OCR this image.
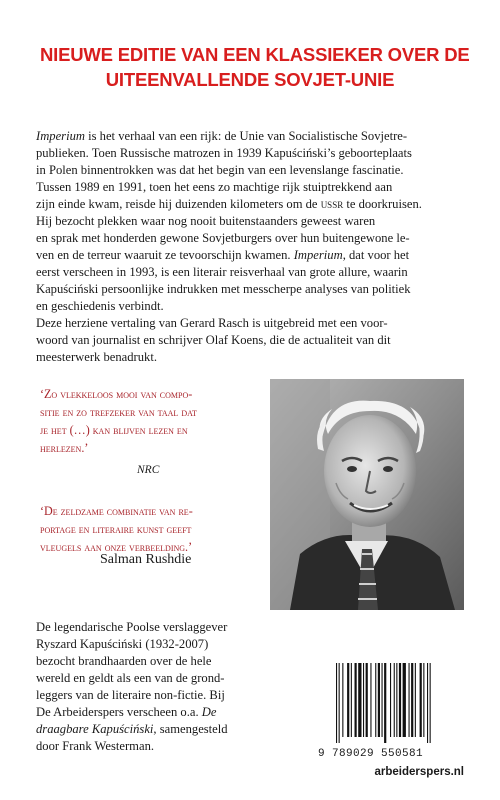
NIEUWE EDITIE VAN EEN KLASSIEKER OVER DE
UITEENVALLENDE SOVJET-UNIE
Imperium is het verhaal van een rijk: de Unie van Socialistische Sovjetre-
publieken. Toen Russische matrozen in 1939 Kapuściński’s geboorteplaats
in Polen binnentrokken was dat het begin van een levenslange fascinatie.
Tussen 1989 en 1991, toen het eens zo machtige rijk stuiptrekkend aan
zijn einde kwam, reisde hij duizenden kilometers om de ussr te doorkruisen.
Hij bezocht plekken waar nog nooit buitenstaanders geweest waren
en sprak met honderden gewone Sovjetburgers over hun buitengewone le-
ven en de terreur waaruit ze tevoorschijn kwamen. Imperium, dat voor het
eerst verscheen in 1993, is een literair reisverhaal van grote allure, waarin
Kapuściński persoonlijke indrukken met messcherpe analyses van politiek
en geschiedenis verbindt.
Deze herziene vertaling van Gerard Rasch is uitgebreid met een voor-
woord van journalist en schrijver Olaf Koens, die de actualiteit van dit
meesterwerk benadrukt.
‘Zo vlekkeloos mooi van compo-
sitie en zo trefzeker van taal dat
je het (…) kan blijven lezen en
herlezen.’
NRC
‘De zeldzame combinatie van re-
portage en literaire kunst geeft
vleugels aan onze verbeelding.’
Salman Rushdie
De legendarische Poolse verslaggever
Ryszard Kapuściński (1932-2007)
bezocht brandhaarden over de hele
wereld en geldt als een van de grond-
leggers van de literaire non-fictie. Bij
De Arbeiderspers verscheen o.a. De
draagbare Kapuściński, samengesteld
door Frank Westerman.
9 789029 550581
arbeiderspers.nl
